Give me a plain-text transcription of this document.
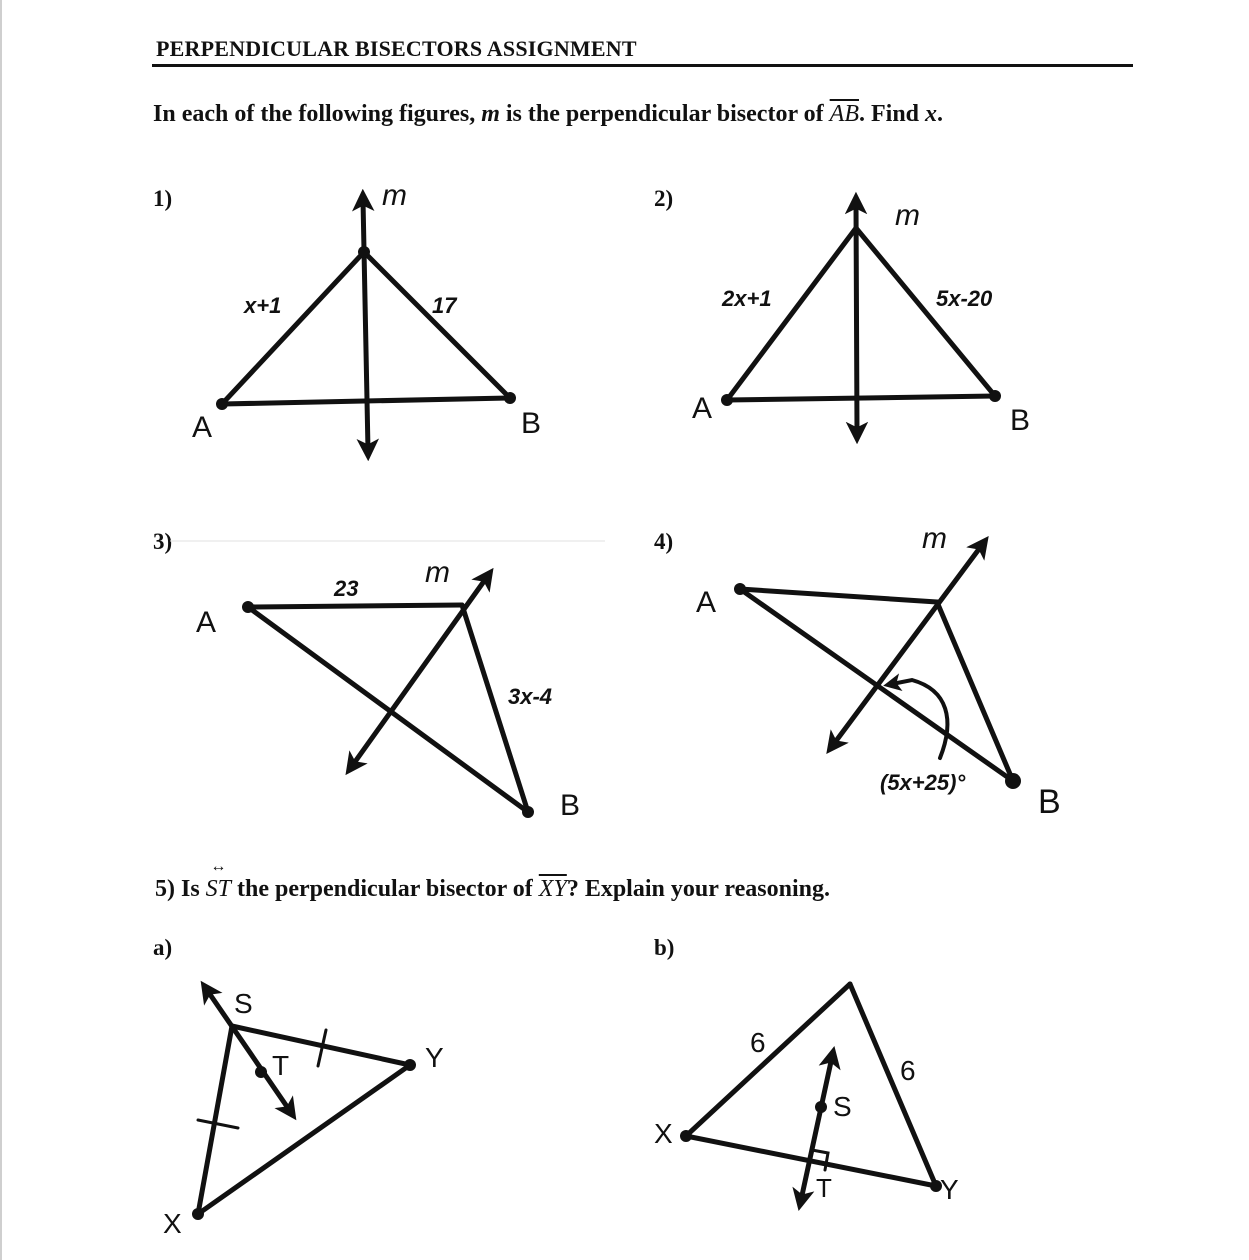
PERPENDICULAR BISECTORS ASSIGNMENT
In each of the following figures, m is the perpendicular bisector of $\overline{AB}$. Find x.
1)	2)
3)	4)
5) Is ↔ ST the perpendicular bisector of $\overline{XY}$? Explain your reasoning.
a)	b)
m
x+1	17
A	B
m
2x+1	5x-20
A	B
m
23
3x-4
A
B
m
(5x+25)°
A
B
S
T	Y
X
6
6
S
T	Y
X
